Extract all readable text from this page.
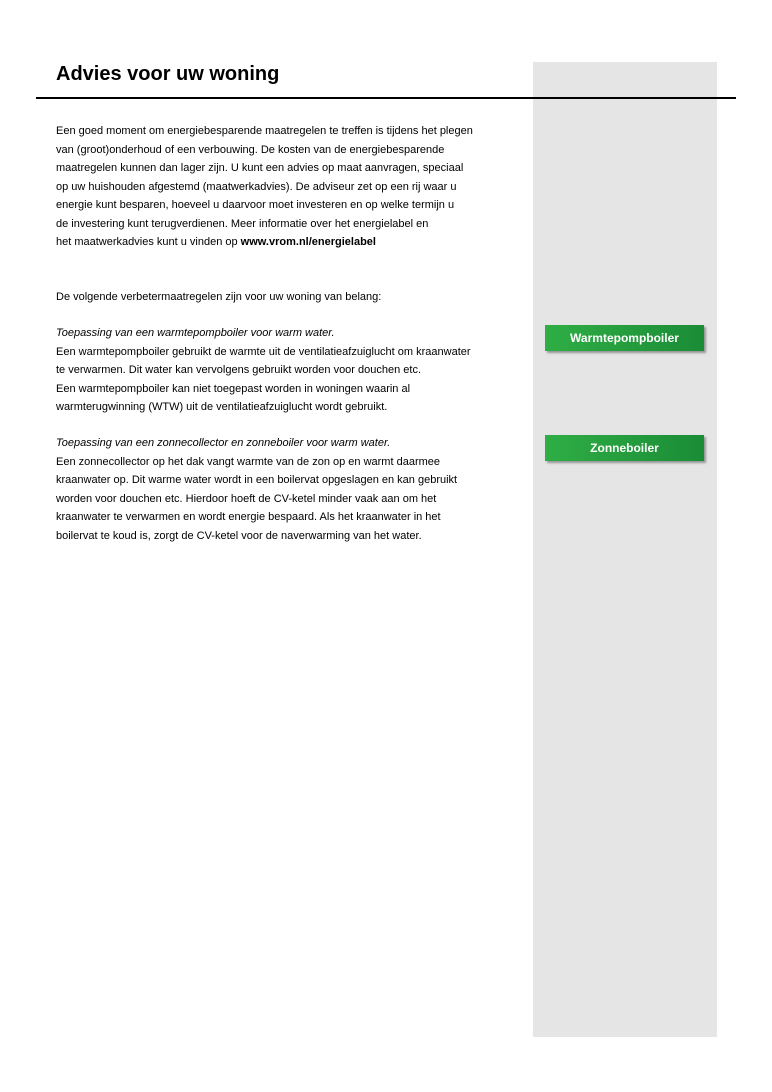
Advies voor uw woning
Een goed moment om energiebesparende maatregelen te treffen is tijdens het plegen
van (groot)onderhoud of een verbouwing. De kosten van de energiebesparende
maatregelen kunnen dan lager zijn. U kunt een advies op maat aanvragen, speciaal
op uw huishouden afgestemd (maatwerkadvies). De adviseur zet op een rij waar u
energie kunt besparen, hoeveel u daarvoor moet investeren en op welke termijn u
de investering kunt terugverdienen. Meer informatie over het energielabel en
het maatwerkadvies kunt u vinden op www.vrom.nl/energielabel
De volgende verbetermaatregelen zijn voor uw woning van belang:
Toepassing van een warmtepompboiler voor warm water.
Een warmtepompboiler gebruikt de warmte uit de ventilatieafzuiglucht om kraanwater
te verwarmen. Dit water kan vervolgens gebruikt worden voor douchen etc.
Een warmtepompboiler kan niet toegepast worden in woningen waarin al
warmterugwinning (WTW) uit de ventilatieafzuiglucht wordt gebruikt.
Warmtepompboiler
Toepassing van een zonnecollector en zonneboiler voor warm water.
Een zonnecollector op het dak vangt warmte van de zon op en warmt daarmee
kraanwater op. Dit warme water wordt in een boilervat opgeslagen en kan gebruikt
worden voor douchen etc. Hierdoor hoeft de CV-ketel minder vaak aan om het
kraanwater te verwarmen en wordt energie bespaard. Als het kraanwater in het
boilervat te koud is, zorgt de CV-ketel voor de naverwarming van het water.
Zonneboiler
